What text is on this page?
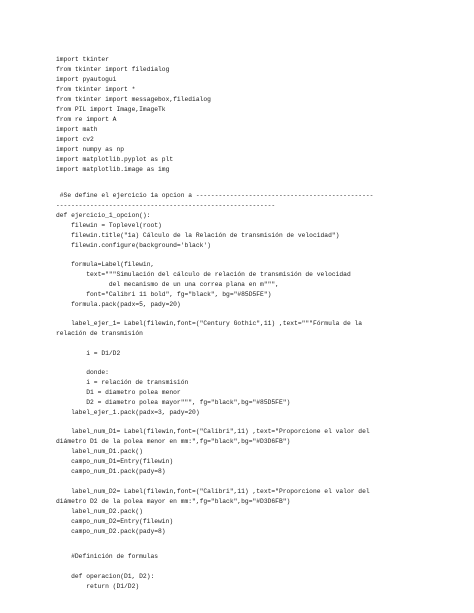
import tkinter

from tkinter import filedialog

import pyautogui

from tkinter import *

from tkinter import messagebox,filedialog

from PIL import Image,ImageTk

from re import A

import math

import cv2

import numpy as np

import matplotlib.pyplot as plt

import matplotlib.image as img

#Se define el ejercicio 1a opcion a -----------------------------------------------

----------------------------------------------------------

def ejercicio_1_opcion():

filewin = Toplevel(root)

filewin.title("1a) Cálculo de la Relación de transmisión de velocidad")

filewin.configure(background='black')

formula=Label(filewin,

text="""Simulación del cálculo de relación de transmisión de velocidad

del mecanismo de un una correa plana en m""",

font="Calibri 11 bold", fg="black", bg="#85D5FE")

formula.pack(padx=5, pady=20)

label_ejer_1= Label(filewin,font=("Century Gothic",11) ,text="""Fórmula de la

relación de transmisión

i = D1/D2

donde:

i = relación de transmisión

D1 = diametro polea menor

D2 = diametro polea mayor""", fg="black",bg="#85D5FE")

label_ejer_1.pack(padx=3, pady=20)

label_num_D1= Label(filewin,font=("Calibri",11) ,text="Proporcione el valor del

diámetro D1 de la polea menor en mm:",fg="black",bg="#D3D6FB")

label_num_D1.pack()

campo_num_D1=Entry(filewin)

campo_num_D1.pack(pady=8)

label_num_D2= Label(filewin,font=("Calibri",11) ,text="Proporcione el valor del

diámetro D2 de la polea mayor en mm:",fg="black",bg="#D3D6FB")

label_num_D2.pack()

campo_num_D2=Entry(filewin)

campo_num_D2.pack(pady=8)

#Definición de formulas

def operacion(D1, D2):

return (D1/D2)
